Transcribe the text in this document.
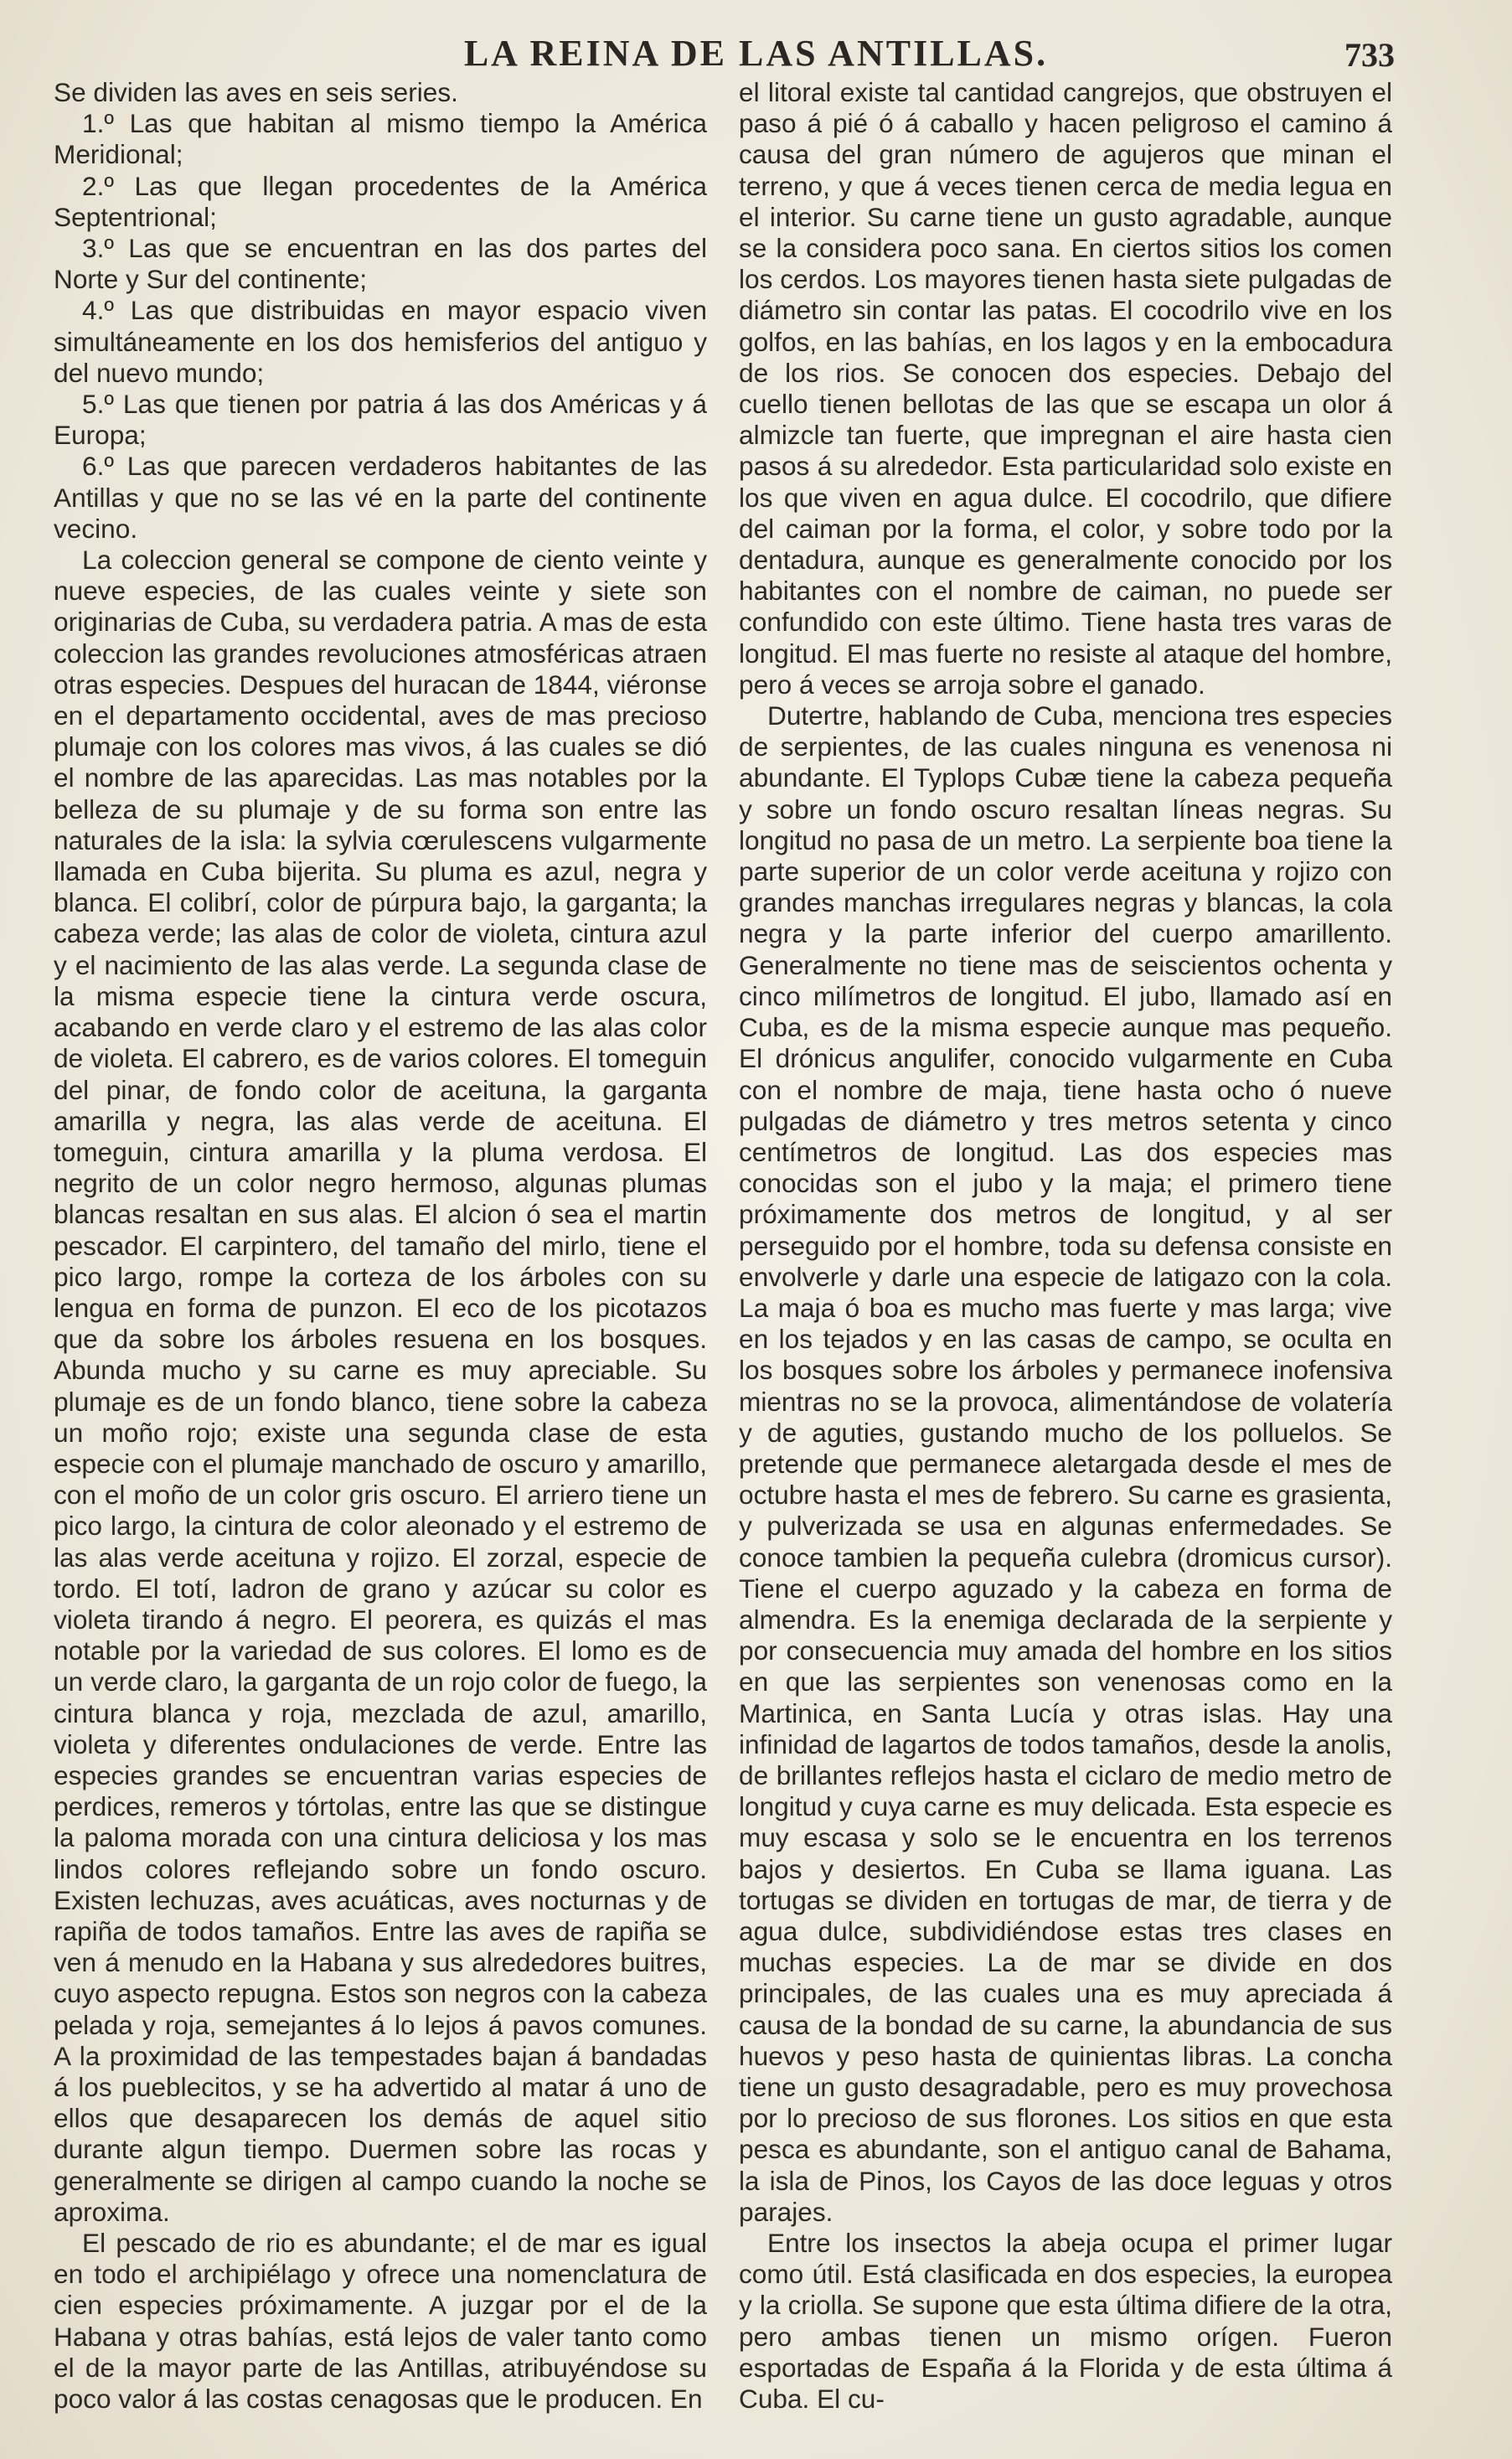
LA REINA DE LAS ANTILLAS.	733

Se dividen las aves en seis series.

1.º Las que habitan al mismo tiempo la América Meridional;

2.º Las que llegan procedentes de la América Septentrional;

3.º Las que se encuentran en las dos partes del Norte y Sur del continente;

4.º Las que distribuidas en mayor espacio viven simultáneamente en los dos hemisferios del antiguo y del nuevo mundo;

5.º Las que tienen por patria á las dos Américas y á Europa;

6.º Las que parecen verdaderos habitantes de las Antillas y que no se las vé en la parte del continente vecino.

La coleccion general se compone de ciento veinte y nueve especies, de las cuales veinte y siete son originarias de Cuba, su verdadera patria. A mas de esta coleccion las grandes revoluciones atmosféricas atraen otras especies. Despues del huracan de 1844, viéronse en el departamento occidental, aves de mas precioso plumaje con los colores mas vivos, á las cuales se dió el nombre de las aparecidas. Las mas notables por la belleza de su plumaje y de su forma son entre las naturales de la isla: la sylvia cœrulescens vulgarmente llamada en Cuba bijerita. Su pluma es azul, negra y blanca. El colibrí, color de púrpura bajo, la garganta; la cabeza verde; las alas de color de violeta, cintura azul y el nacimiento de las alas verde. La segunda clase de la misma especie tiene la cintura verde oscura, acabando en verde claro y el estremo de las alas color de violeta. El cabrero, es de varios colores. El tomeguin del pinar, de fondo color de aceituna, la garganta amarilla y negra, las alas verde de aceituna. El tomeguin, cintura amarilla y la pluma verdosa. El negrito de un color negro hermoso, algunas plumas blancas resaltan en sus alas. El alcion ó sea el martin pescador. El carpintero, del tamaño del mirlo, tiene el pico largo, rompe la corteza de los árboles con su lengua en forma de punzon. El eco de los picotazos que da sobre los árboles resuena en los bosques. Abunda mucho y su carne es muy apreciable. Su plumaje es de un fondo blanco, tiene sobre la cabeza un moño rojo; existe una segunda clase de esta especie con el plumaje manchado de oscuro y amarillo, con el moño de un color gris oscuro. El arriero tiene un pico largo, la cintura de color aleonado y el estremo de las alas verde aceituna y rojizo. El zorzal, especie de tordo. El totí, ladron de grano y azúcar su color es violeta tirando á negro. El peorera, es quizás el mas notable por la variedad de sus colores. El lomo es de un verde claro, la garganta de un rojo color de fuego, la cintura blanca y roja, mezclada de azul, amarillo, violeta y diferentes ondulaciones de verde. Entre las especies grandes se encuentran varias especies de perdices, remeros y tórtolas, entre las que se distingue la paloma morada con una cintura deliciosa y los mas lindos colores reflejando sobre un fondo oscuro. Existen lechuzas, aves acuáticas, aves nocturnas y de rapiña de todos tamaños. Entre las aves de rapiña se ven á menudo en la Habana y sus alrededores buitres, cuyo aspecto repugna. Estos son negros con la cabeza pelada y roja, semejantes á lo lejos á pavos comunes. A la proximidad de las tempestades bajan á bandadas á los pueblecitos, y se ha advertido al matar á uno de ellos que desaparecen los demás de aquel sitio durante algun tiempo. Duermen sobre las rocas y generalmente se dirigen al campo cuando la noche se aproxima.

El pescado de rio es abundante; el de mar es igual en todo el archipiélago y ofrece una nomenclatura de cien especies próximamente. A juzgar por el de la Habana y otras bahías, está lejos de valer tanto como el de la mayor parte de las Antillas, atribuyéndose su poco valor á las costas cenagosas que le producen. En

el litoral existe tal cantidad cangrejos, que obstruyen el paso á pié ó á caballo y hacen peligroso el camino á causa del gran número de agujeros que minan el terreno, y que á veces tienen cerca de media legua en el interior. Su carne tiene un gusto agradable, aunque se la considera poco sana. En ciertos sitios los comen los cerdos. Los mayores tienen hasta siete pulgadas de diámetro sin contar las patas. El cocodrilo vive en los golfos, en las bahías, en los lagos y en la embocadura de los rios. Se conocen dos especies. Debajo del cuello tienen bellotas de las que se escapa un olor á almizcle tan fuerte, que impregnan el aire hasta cien pasos á su alrededor. Esta particularidad solo existe en los que viven en agua dulce. El cocodrilo, que difiere del caiman por la forma, el color, y sobre todo por la dentadura, aunque es generalmente conocido por los habitantes con el nombre de caiman, no puede ser confundido con este último. Tiene hasta tres varas de longitud. El mas fuerte no resiste al ataque del hombre, pero á veces se arroja sobre el ganado.

Dutertre, hablando de Cuba, menciona tres especies de serpientes, de las cuales ninguna es venenosa ni abundante. El Typlops Cubæ tiene la cabeza pequeña y sobre un fondo oscuro resaltan líneas negras. Su longitud no pasa de un metro. La serpiente boa tiene la parte superior de un color verde aceituna y rojizo con grandes manchas irregulares negras y blancas, la cola negra y la parte inferior del cuerpo amarillento. Generalmente no tiene mas de seiscientos ochenta y cinco milímetros de longitud. El jubo, llamado así en Cuba, es de la misma especie aunque mas pequeño. El drónicus angulifer, conocido vulgarmente en Cuba con el nombre de maja, tiene hasta ocho ó nueve pulgadas de diámetro y tres metros setenta y cinco centímetros de longitud. Las dos especies mas conocidas son el jubo y la maja; el primero tiene próximamente dos metros de longitud, y al ser perseguido por el hombre, toda su defensa consiste en envolverle y darle una especie de latigazo con la cola. La maja ó boa es mucho mas fuerte y mas larga; vive en los tejados y en las casas de campo, se oculta en los bosques sobre los árboles y permanece inofensiva mientras no se la provoca, alimentándose de volatería y de aguties, gustando mucho de los polluelos. Se pretende que permanece aletargada desde el mes de octubre hasta el mes de febrero. Su carne es grasienta, y pulverizada se usa en algunas enfermedades. Se conoce tambien la pequeña culebra (dromicus cursor). Tiene el cuerpo aguzado y la cabeza en forma de almendra. Es la enemiga declarada de la serpiente y por consecuencia muy amada del hombre en los sitios en que las serpientes son venenosas como en la Martinica, en Santa Lucía y otras islas. Hay una infinidad de lagartos de todos tamaños, desde la anolis, de brillantes reflejos hasta el ciclaro de medio metro de longitud y cuya carne es muy delicada. Esta especie es muy escasa y solo se le encuentra en los terrenos bajos y desiertos. En Cuba se llama iguana. Las tortugas se dividen en tortugas de mar, de tierra y de agua dulce, subdividiéndose estas tres clases en muchas especies. La de mar se divide en dos principales, de las cuales una es muy apreciada á causa de la bondad de su carne, la abundancia de sus huevos y peso hasta de quinientas libras. La concha tiene un gusto desagradable, pero es muy provechosa por lo precioso de sus florones. Los sitios en que esta pesca es abundante, son el antiguo canal de Bahama, la isla de Pinos, los Cayos de las doce leguas y otros parajes.

Entre los insectos la abeja ocupa el primer lugar como útil. Está clasificada en dos especies, la europea y la criolla. Se supone que esta última difiere de la otra, pero ambas tienen un mismo orígen. Fueron esportadas de España á la Florida y de esta última á Cuba. El cu-
